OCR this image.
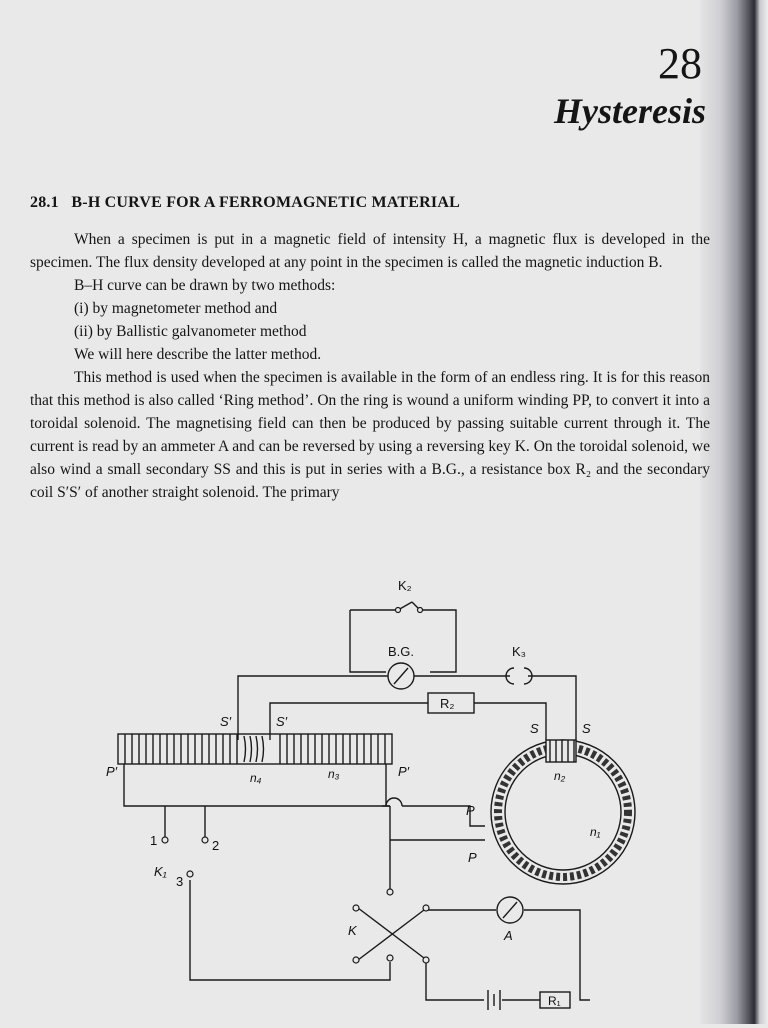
28
Hysteresis
28.1 B-H CURVE FOR A FERROMAGNETIC MATERIAL

When a specimen is put in a magnetic field of intensity H, a magnetic flux is developed in the specimen. The flux density developed at any point in the specimen is called the magnetic induction B.

B–H curve can be drawn by two methods:

(i) by magnetometer method and

(ii) by Ballistic galvanometer method

We will here describe the latter method.

This method is used when the specimen is available in the form of an endless ring. It is for this reason that this method is also called ‘Ring method’. On the ring is wound a uniform winding PP, to convert it into a toroidal solenoid. The magnetising field can then be produced by passing suitable current through it. The current is read by an ammeter A and can be reversed by using a reversing key K. On the toroidal solenoid, we also wind a small secondary SS and this is put in series with a B.G., a resistance box R₂ and the secondary coil S′S′ of another straight solenoid. The primary

K₂
B.G.	K₃
R₂
S′	S′	S	S
P′	P′
n₄	n₃	n₂
n₁
P
P
1	2
K₁
3
K	A
R₁
